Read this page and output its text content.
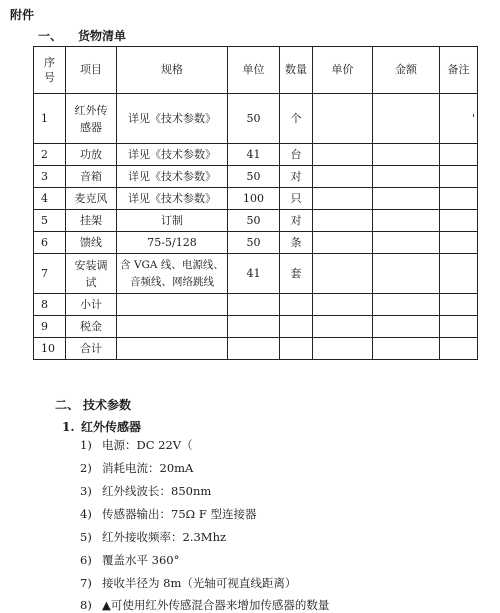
附件
一、 货物清单
序号	项目	规格	单位	数量	单价	金额	备注
1	红外传感器	详见《技术参数》	50	个			'
2	功放	详见《技术参数》	41	台			
3	音箱	详见《技术参数》	50	对			
4	麦克风	详见《技术参数》	100	只			
5	挂架	订制	50	对			
6	馈线	75-5/128	50	条			
7	安装调试	含 VGA 线、电源线、音频线、网络跳线	41	套			
8	小计						
9	税金						
10	合计						
二、 技术参数
1. 红外传感器
1) 电源：DC 22V（
2) 消耗电流：20mA
3) 红外线波长：850nm
4) 传感器输出：75Ω F 型连接器
5) 红外接收频率：2.3Mhz
6) 覆盖水平 360°
7) 接收半径为 8m（光轴可视直线距离）
8) ▲可使用红外传感混合器来增加传感器的数量
